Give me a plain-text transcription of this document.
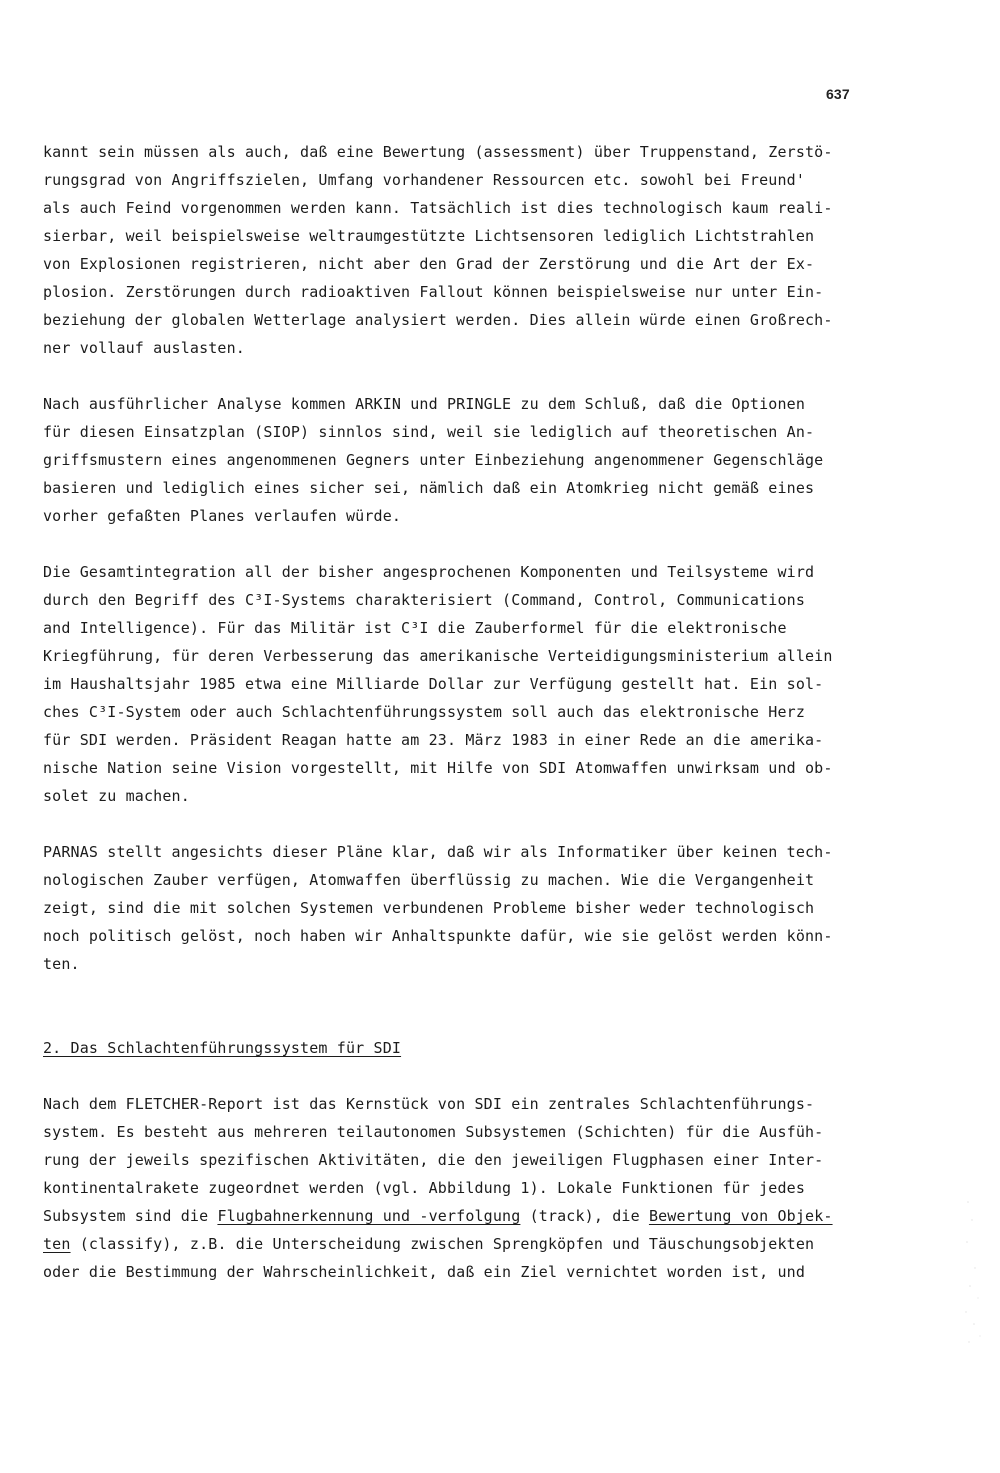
637
kannt sein müssen als auch, daß eine Bewertung (assessment) über Truppenstand, Zerstö-
rungsgrad von Angriffszielen, Umfang vorhandener Ressourcen etc. sowohl bei Freund'
als auch Feind vorgenommen werden kann. Tatsächlich ist dies technologisch kaum reali-
sierbar, weil beispielsweise weltraumgestützte Lichtsensoren lediglich Lichtstrahlen
von Explosionen registrieren, nicht aber den Grad der Zerstörung und die Art der Ex-
plosion. Zerstörungen durch radioaktiven Fallout können beispielsweise nur unter Ein-
beziehung der globalen Wetterlage analysiert werden. Dies allein würde einen Großrech-
ner vollauf auslasten.
Nach ausführlicher Analyse kommen ARKIN und PRINGLE zu dem Schluß, daß die Optionen
für diesen Einsatzplan (SIOP) sinnlos sind, weil sie lediglich auf theoretischen An-
griffsmustern eines angenommenen Gegners unter Einbeziehung angenommener Gegenschläge
basieren und lediglich eines sicher sei, nämlich daß ein Atomkrieg nicht gemäß eines
vorher gefaßten Planes verlaufen würde.
Die Gesamtintegration all der bisher angesprochenen Komponenten und Teilsysteme wird
durch den Begriff des C³I-Systems charakterisiert (Command, Control, Communications
and Intelligence). Für das Militär ist C³I die Zauberformel für die elektronische
Kriegführung, für deren Verbesserung das amerikanische Verteidigungsministerium allein
im Haushaltsjahr 1985 etwa eine Milliarde Dollar zur Verfügung gestellt hat. Ein sol-
ches C³I-System oder auch Schlachtenführungssystem soll auch das elektronische Herz
für SDI werden. Präsident Reagan hatte am 23. März 1983 in einer Rede an die amerika-
nische Nation seine Vision vorgestellt, mit Hilfe von SDI Atomwaffen unwirksam und ob-
solet zu machen.
PARNAS stellt angesichts dieser Pläne klar, daß wir als Informatiker über keinen tech-
nologischen Zauber verfügen, Atomwaffen überflüssig zu machen. Wie die Vergangenheit
zeigt, sind die mit solchen Systemen verbundenen Probleme bisher weder technologisch
noch politisch gelöst, noch haben wir Anhaltspunkte dafür, wie sie gelöst werden könn-
ten.
2. Das Schlachtenführungssystem für SDI
Nach dem FLETCHER-Report ist das Kernstück von SDI ein zentrales Schlachtenführungs-
system. Es besteht aus mehreren teilautonomen Subsystemen (Schichten) für die Ausfüh-
rung der jeweils spezifischen Aktivitäten, die den jeweiligen Flugphasen einer Inter-
kontinentalrakete zugeordnet werden (vgl. Abbildung 1). Lokale Funktionen für jedes
Subsystem sind die Flugbahnerkennung und -verfolgung (track), die Bewertung von Objek-
ten (classify), z.B. die Unterscheidung zwischen Sprengköpfen und Täuschungsobjekten
oder die Bestimmung der Wahrscheinlichkeit, daß ein Ziel vernichtet worden ist, und
